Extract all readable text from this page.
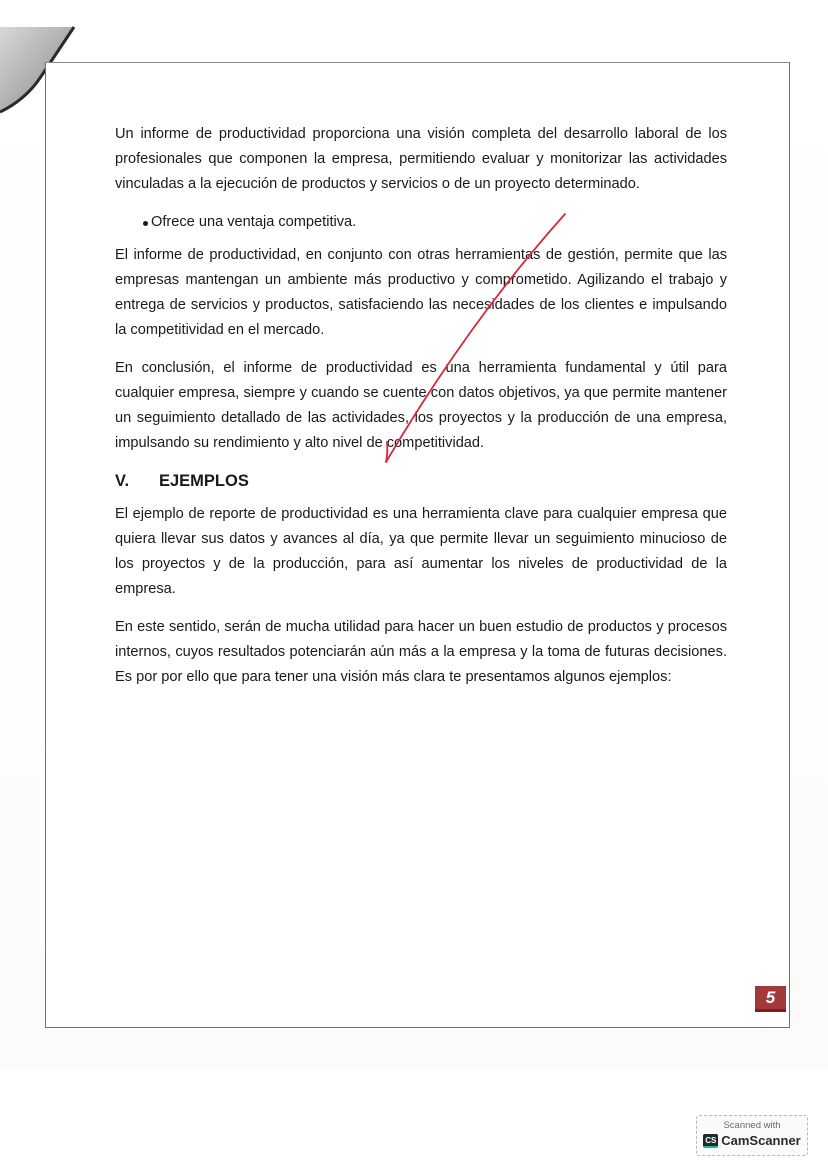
Un informe de productividad proporciona una visión completa del desarrollo laboral de los profesionales que componen la empresa, permitiendo evaluar y monitorizar las actividades vinculadas a la ejecución de productos y servicios o de un proyecto determinado.

Ofrece una ventaja competitiva.

El informe de productividad, en conjunto con otras herramientas de gestión, permite que las empresas mantengan un ambiente más productivo y comprometido. Agilizando el trabajo y entrega de servicios y productos, satisfaciendo las necesidades de los clientes e impulsando la competitividad en el mercado.

En conclusión, el informe de productividad es una herramienta fundamental y útil para cualquier empresa, siempre y cuando se cuente con datos objetivos, ya que permite mantener un seguimiento detallado de las actividades, los proyectos y la producción de una empresa, impulsando su rendimiento y alto nivel de competitividad.

V.	EJEMPLOS

El ejemplo de reporte de productividad es una herramienta clave para cualquier empresa que quiera llevar sus datos y avances al día, ya que permite llevar un seguimiento minucioso de los proyectos y de la producción, para así aumentar los niveles de productividad de la empresa.

En este sentido, serán de mucha utilidad para hacer un buen estudio de productos y procesos internos, cuyos resultados potenciarán aún más a la empresa y la toma de futuras decisiones. Es por por ello que para tener una visión más clara te presentamos algunos ejemplos:

5
Scanned with
CS CamScanner
